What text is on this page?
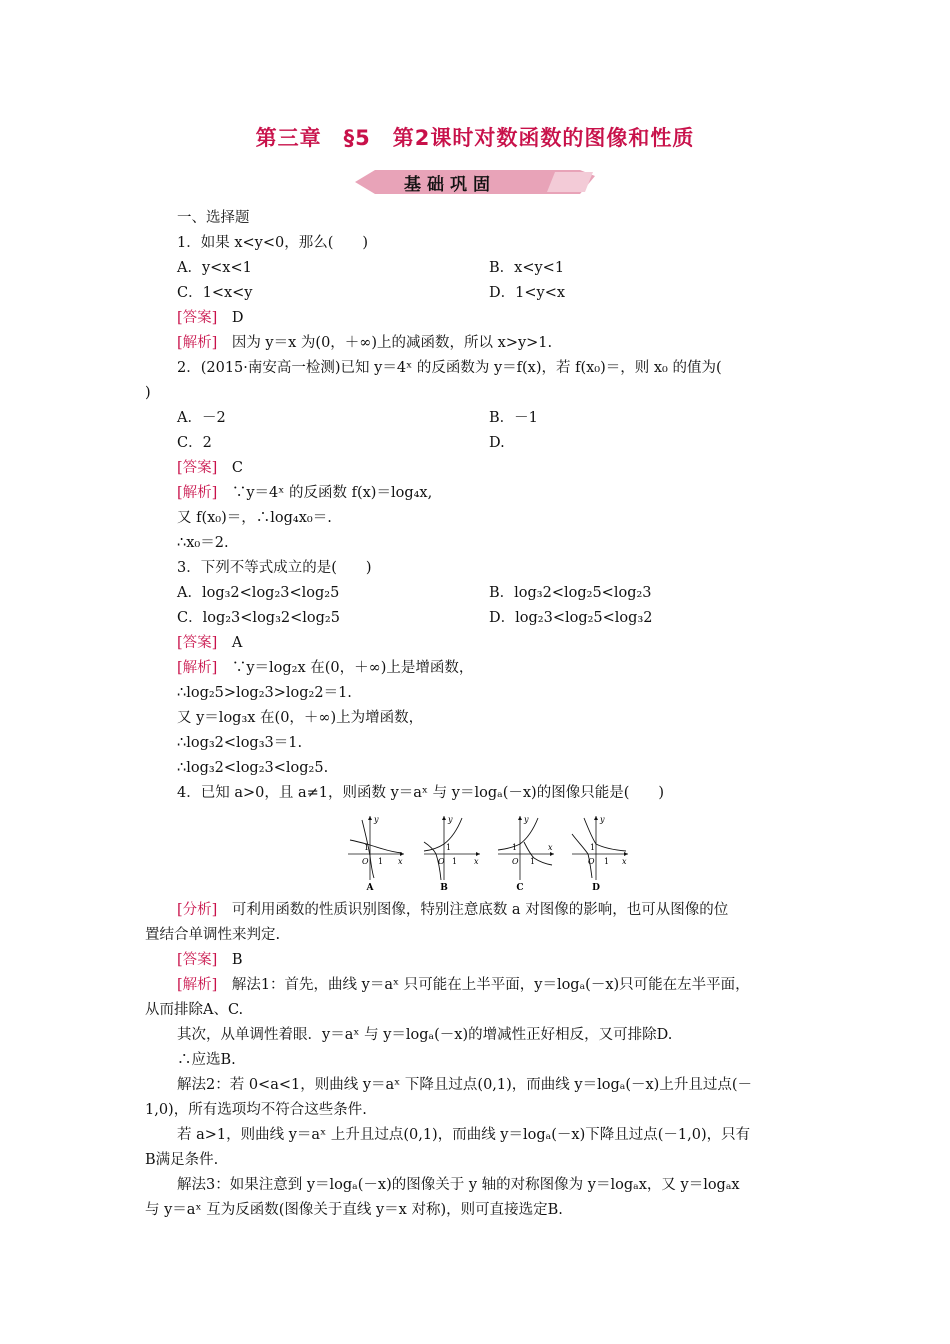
第三章　§5　第2课时对数函数的图像和性质
基础巩固
一、选择题
1．如果 x<y<0，那么(　　)
A．y<x<1	B．x<y<1
C．1<x<y	D．1<y<x
[答案]　D
[解析]　因为 y＝x 为(0，＋∞)上的减函数，所以 x>y>1.
2．(2015·南安高一检测)已知 y＝4ˣ 的反函数为 y＝f(x)，若 f(x₀)＝，则 x₀ 的值为(
)
A．－2	B．－1
C．2	D.
[答案]　C
[解析]　∵y＝4ˣ 的反函数 f(x)＝log₄x,
又 f(x₀)＝，∴log₄x₀＝.
∴x₀＝2.
3．下列不等式成立的是(　　)
A．log₃2<log₂3<log₂5	B．log₃2<log₂5<log₂3
C．log₂3<log₃2<log₂5	D．log₂3<log₂5<log₃2
[答案]　A
[解析]　∵y＝log₂x 在(0，＋∞)上是增函数，
∴log₂5>log₂3>log₂2＝1.
又 y＝log₃x 在(0，＋∞)上为增函数，
∴log₃2<log₃3＝1.
∴log₃2<log₂3<log₂5.
4．已知 a>0，且 a≠1，则函数 y＝aˣ 与 y＝logₐ(－x)的图像只能是(　　)
y
x
O
1
1
A
y
x
O
1
1
B
y
x
O
1
1
C
y
x
O
1
1
D
[分析]　可利用函数的性质识别图像，特别注意底数 a 对图像的影响，也可从图像的位
置结合单调性来判定.
[答案]　B
[解析]　解法1：首先，曲线 y＝aˣ 只可能在上半平面，y＝logₐ(－x)只可能在左半平面，
从而排除A、C.
其次，从单调性着眼．y＝aˣ 与 y＝logₐ(－x)的增减性正好相反，又可排除D.
∴应选B.
解法2：若 0<a<1，则曲线 y＝aˣ 下降且过点(0,1)，而曲线 y＝logₐ(－x)上升且过点(－
1,0)，所有选项均不符合这些条件.
若 a>1，则曲线 y＝aˣ 上升且过点(0,1)，而曲线 y＝logₐ(－x)下降且过点(－1,0)，只有
B满足条件.
解法3：如果注意到 y＝logₐ(－x)的图像关于 y 轴的对称图像为 y＝logₐx，又 y＝logₐx
与 y＝aˣ 互为反函数(图像关于直线 y＝x 对称)，则可直接选定B.
